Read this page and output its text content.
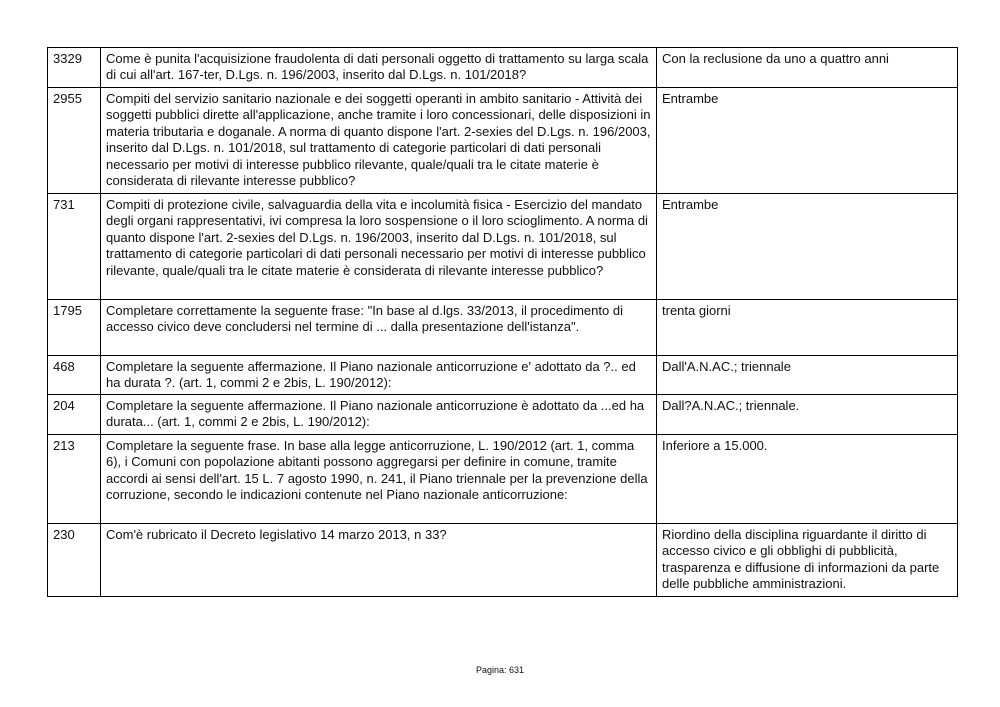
3329	Come è punita l'acquisizione fraudolenta di dati personali oggetto di trattamento su larga scala di cui all'art. 167-ter, D.Lgs. n. 196/2003, inserito dal D.Lgs. n. 101/2018?	Con la reclusione da uno a quattro anni
2955	Compiti del servizio sanitario nazionale e dei soggetti operanti in ambito sanitario - Attività dei soggetti pubblici dirette all'applicazione, anche tramite i loro concessionari, delle disposizioni in materia tributaria e doganale. A norma di quanto dispone l'art. 2-sexies del D.Lgs. n. 196/2003, inserito dal D.Lgs. n. 101/2018, sul trattamento di categorie particolari di dati personali necessario per motivi di interesse pubblico rilevante, quale/quali tra le citate materie è considerata di rilevante interesse pubblico?	Entrambe
731	Compiti di protezione civile, salvaguardia della vita e incolumità fisica - Esercizio del mandato degli organi rappresentativi, ivi compresa la loro sospensione o il loro scioglimento. A norma di quanto dispone l'art. 2-sexies del D.Lgs. n. 196/2003, inserito dal D.Lgs. n. 101/2018, sul trattamento di categorie particolari di dati personali necessario per motivi di interesse pubblico rilevante, quale/quali tra le citate materie è considerata di rilevante interesse pubblico?	Entrambe
1795	Completare correttamente la seguente frase: "In base al d.lgs. 33/2013, il procedimento di accesso civico deve concludersi nel termine di ... dalla presentazione dell'istanza".	trenta giorni
468	Completare la seguente affermazione. Il Piano nazionale anticorruzione e' adottato da ?.. ed ha durata ?. (art. 1, commi 2 e 2bis, L. 190/2012):	Dall'A.N.AC.; triennale
204	Completare la seguente affermazione. Il Piano nazionale anticorruzione è adottato da ...ed ha durata... (art. 1, commi 2 e 2bis, L. 190/2012):	Dall?A.N.AC.; triennale.
213	Completare la seguente frase. In base alla legge anticorruzione, L. 190/2012 (art. 1, comma 6), i Comuni con popolazione abitanti possono aggregarsi per definire in comune, tramite accordi ai sensi dell'art. 15 L. 7 agosto 1990, n. 241, il Piano triennale per la prevenzione della corruzione, secondo le indicazioni contenute nel Piano nazionale anticorruzione:	Inferiore a 15.000.
230	Com'è rubricato il Decreto legislativo 14 marzo 2013, n 33?	Riordino della disciplina riguardante il diritto di accesso civico e gli obblighi di pubblicità, trasparenza e diffusione di informazioni da parte delle pubbliche amministrazioni.
Pagina: 631
